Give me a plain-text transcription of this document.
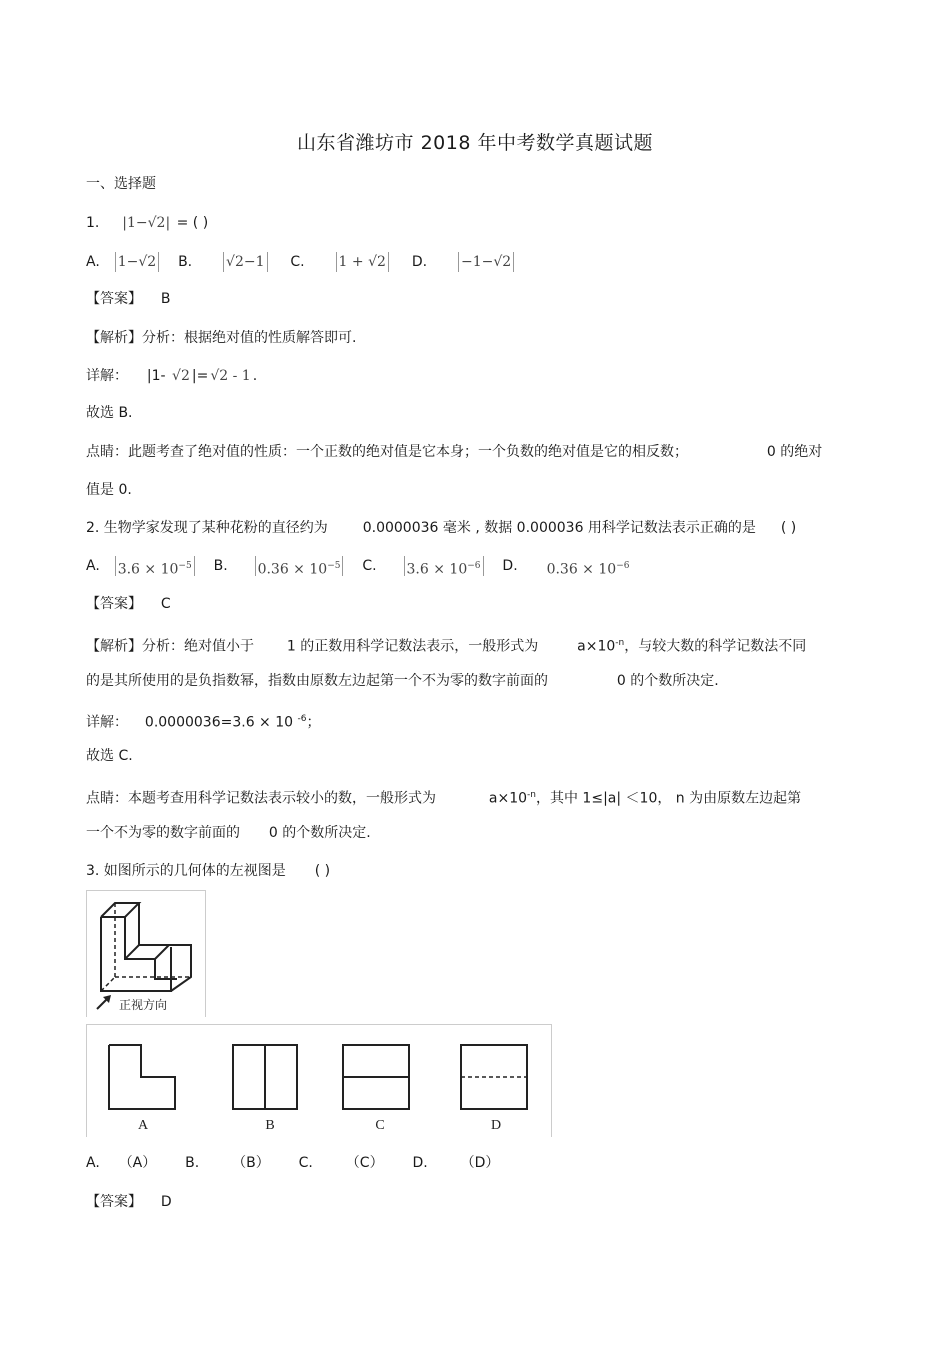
山东省潍坊市 2018 年中考数学真题试题
一、选择题
1. |1−√2| = ( )
A. 1−√2 B. √2−1 C. 1 + √2 D. −1−√2
【答案】 B
【解析】分析：根据绝对值的性质解答即可.
详解： |1- √2 |= √2 - 1 .
故选 B.
点睛：此题考查了绝对值的性质：一个正数的绝对值是它本身；一个负数的绝对值是它的相反数；	0 的绝对
值是 0.
2. 生物学家发现了某种花粉的直径约为 0.0000036 毫米 , 数据 0.000036 用科学记数法表示正确的是 ( )
A. $3.6 \times 10^{-5}$ B. $0.36 \times 10^{-5}$ C. $3.6 \times 10^{-6}$ D. $0.36 \times 10^{-6}$
【答案】 C
【解析】分析：绝对值小于 1 的正数用科学记数法表示，一般形式为	$a\times 10^{-n}$，与较大数的科学记数法不同
的是其所使用的是负指数幂，指数由原数左边起第一个不为零的数字前面的	0 的个数所决定.
详解： 0.0000036=3.6 × 10 $^{-6}$；
故选 C.
点睛：本题考查用科学记数法表示较小的数，一般形式为	$a\times 10^{-n}$，其中 1≤|a| ＜10， n 为由原数左边起第
一个不为零的数字前面的 0 的个数所决定.
3. 如图所示的几何体的左视图是 ( )
正视方向
A	B	C	D
A. （A） B. （B） C. （C） D. （D）
【答案】 D
